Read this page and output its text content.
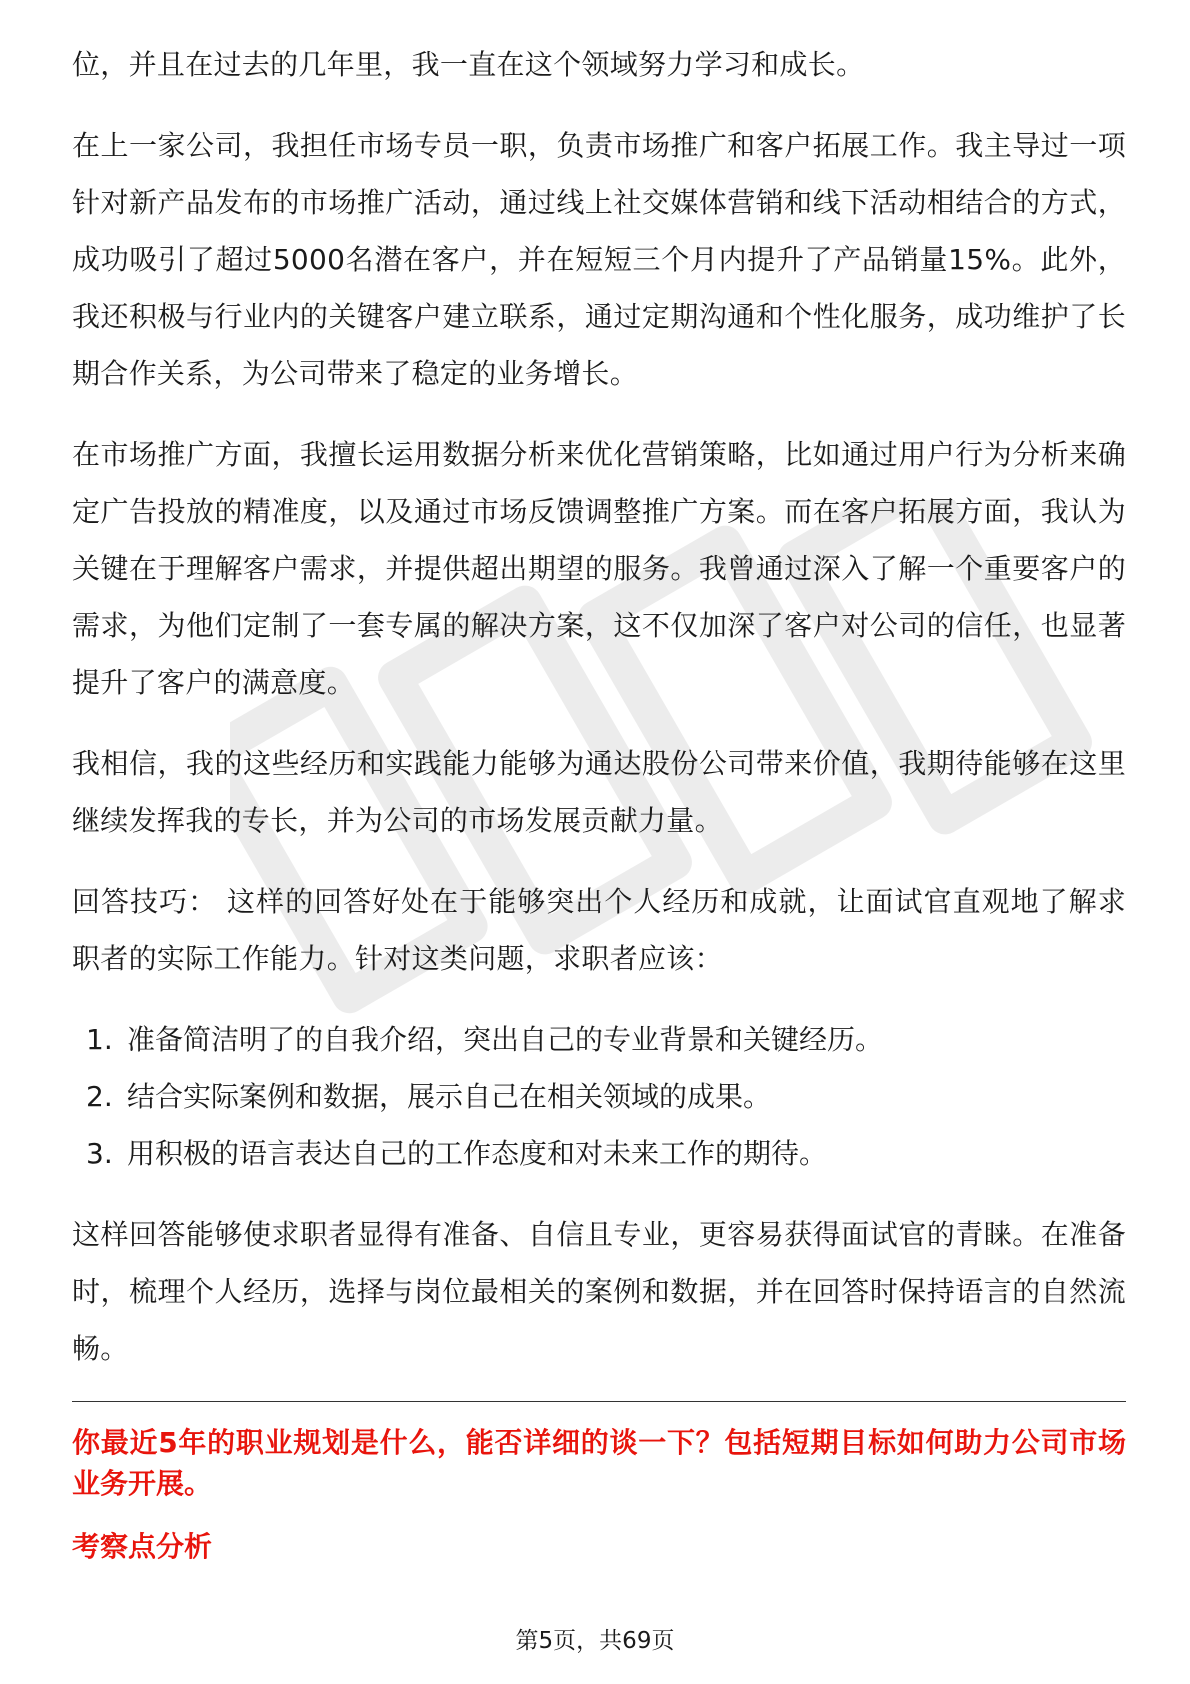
位，并且在过去的几年里，我一直在这个领域努力学习和成长。

在上一家公司，我担任市场专员一职，负责市场推广和客户拓展工作。我主导过一项针对新产品发布的市场推广活动，通过线上社交媒体营销和线下活动相结合的方式，成功吸引了超过5000名潜在客户，并在短短三个月内提升了产品销量15%。此外，我还积极与行业内的关键客户建立联系，通过定期沟通和个性化服务，成功维护了长期合作关系，为公司带来了稳定的业务增长。

在市场推广方面，我擅长运用数据分析来优化营销策略，比如通过用户行为分析来确定广告投放的精准度，以及通过市场反馈调整推广方案。而在客户拓展方面，我认为关键在于理解客户需求，并提供超出期望的服务。我曾通过深入了解一个重要客户的需求，为他们定制了一套专属的解决方案，这不仅加深了客户对公司的信任，也显著提升了客户的满意度。

我相信，我的这些经历和实践能力能够为通达股份公司带来价值，我期待能够在这里继续发挥我的专长，并为公司的市场发展贡献力量。

回答技巧： 这样的回答好处在于能够突出个人经历和成就，让面试官直观地了解求职者的实际工作能力。针对这类问题，求职者应该：

1. 准备简洁明了的自我介绍，突出自己的专业背景和关键经历。
2. 结合实际案例和数据，展示自己在相关领域的成果。
3. 用积极的语言表达自己的工作态度和对未来工作的期待。

这样回答能够使求职者显得有准备、自信且专业，更容易获得面试官的青睐。在准备时，梳理个人经历，选择与岗位最相关的案例和数据，并在回答时保持语言的自然流畅。

你最近5年的职业规划是什么，能否详细的谈一下？包括短期目标如何助力公司市场业务开展。

考察点分析

第5页，共69页
